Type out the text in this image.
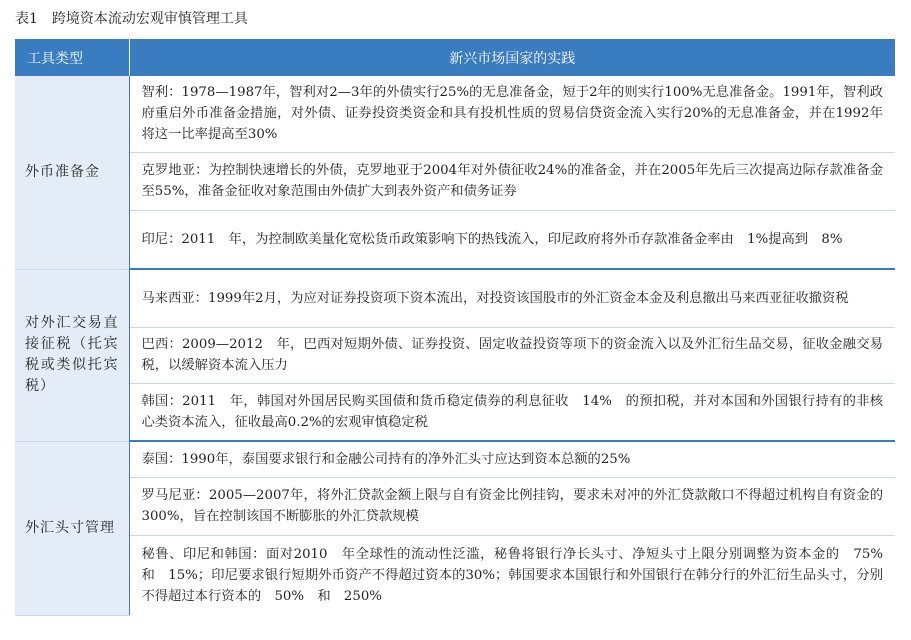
表1　跨境资本流动宏观审慎管理工具
工具类型	新兴市场国家的实践
外币准备金	智利：1978—1987年，智利对2—3年的外债实行25%的无息准备金，短于2年的则实行100%无息准备金。1991年，智利政府重启外币准备金措施，对外债、证券投资类资金和具有投机性质的贸易信贷资金流入实行20%的无息准备金，并在1992年将这一比率提高至30%
	克罗地亚：为控制快速增长的外债，克罗地亚于2004年对外债征收24%的准备金，并在2005年先后三次提高边际存款准备金至55%，准备金征收对象范围由外债扩大到表外资产和债务证券
	印尼：2011　年，为控制欧美量化宽松货币政策影响下的热钱流入，印尼政府将外币存款准备金率由　1%提高到　8%
对外汇交易直接征税（托宾税或类似托宾税）	马来西亚：1999年2月，为应对证券投资项下资本流出，对投资该国股市的外汇资金本金及利息撤出马来西亚征收撤资税
	巴西：2009—2012　年，巴西对短期外债、证券投资、固定收益投资等项下的资金流入以及外汇衍生品交易，征收金融交易税，以缓解资本流入压力
	韩国：2011　年，韩国对外国居民购买国债和货币稳定债券的利息征收　14%　的预扣税，并对本国和外国银行持有的非核心类资本流入，征收最高0.2%的宏观审慎稳定税
外汇头寸管理	泰国：1990年，泰国要求银行和金融公司持有的净外汇头寸应达到资本总额的25%
	罗马尼亚：2005—2007年，将外汇贷款金额上限与自有资金比例挂钩，要求未对冲的外汇贷款敞口不得超过机构自有资金的300%，旨在控制该国不断膨胀的外汇贷款规模
	秘鲁、印尼和韩国：面对2010　年全球性的流动性泛滥，秘鲁将银行净长头寸、净短头寸上限分别调整为资本金的　75%　和　15%；印尼要求银行短期外币资产不得超过资本的30%；韩国要求本国银行和外国银行在韩分行的外汇衍生品头寸，分别不得超过本行资本的　50%　和　250%
